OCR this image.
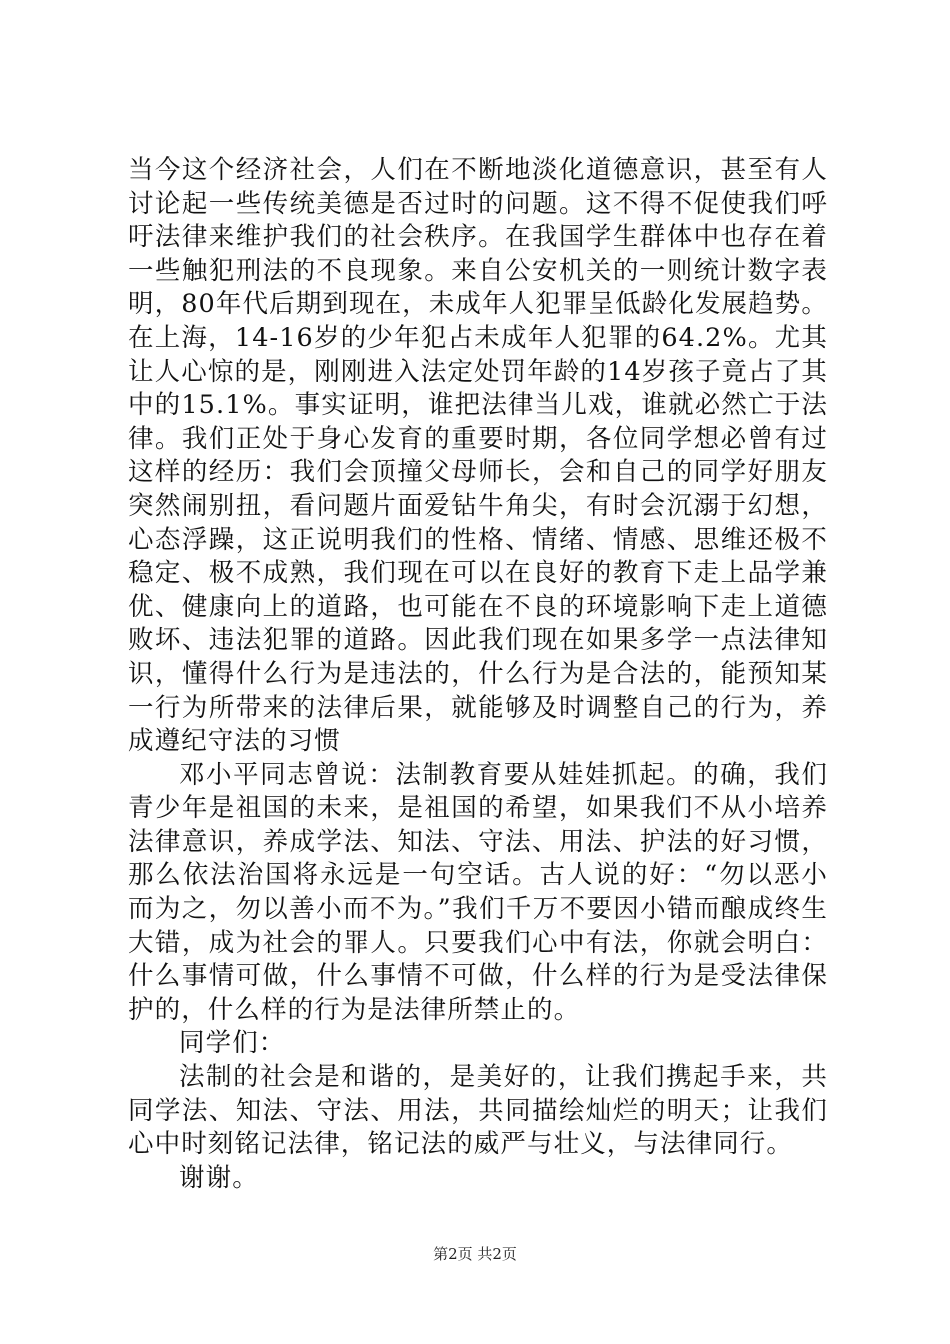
当今这个经济社会，人们在不断地淡化道德意识，甚至有人讨论起一些传统美德是否过时的问题。这不得不促使我们呼吁法律来维护我们的社会秩序。在我国学生群体中也存在着一些触犯刑法的不良现象。来自公安机关的一则统计数字表明，80年代后期到现在，未成年人犯罪呈低龄化发展趋势。在上海，14-16岁的少年犯占未成年人犯罪的64.2%。尤其让人心惊的是，刚刚进入法定处罚年龄的14岁孩子竟占了其中的15.1%。事实证明，谁把法律当儿戏，谁就必然亡于法律。我们正处于身心发育的重要时期，各位同学想必曾有过这样的经历：我们会顶撞父母师长，会和自己的同学好朋友突然闹别扭，看问题片面爱钻牛角尖，有时会沉溺于幻想，心态浮躁，这正说明我们的性格、情绪、情感、思维还极不稳定、极不成熟，我们现在可以在良好的教育下走上品学兼优、健康向上的道路，也可能在不良的环境影响下走上道德败坏、违法犯罪的道路。因此我们现在如果多学一点法律知识，懂得什么行为是违法的，什么行为是合法的，能预知某一行为所带来的法律后果，就能够及时调整自己的行为，养成遵纪守法的习惯

邓小平同志曾说：法制教育要从娃娃抓起。的确，我们青少年是祖国的未来，是祖国的希望，如果我们不从小培养法律意识，养成学法、知法、守法、用法、护法的好习惯，那么依法治国将永远是一句空话。古人说的好：“勿以恶小而为之，勿以善小而不为。”我们千万不要因小错而酿成终生大错，成为社会的罪人。只要我们心中有法，你就会明白：什么事情可做，什么事情不可做，什么样的行为是受法律保护的，什么样的行为是法律所禁止的。

同学们：

法制的社会是和谐的，是美好的，让我们携起手来，共同学法、知法、守法、用法，共同描绘灿烂的明天；让我们心中时刻铭记法律，铭记法的威严与壮义，与法律同行。

谢谢。

第2页 共2页
